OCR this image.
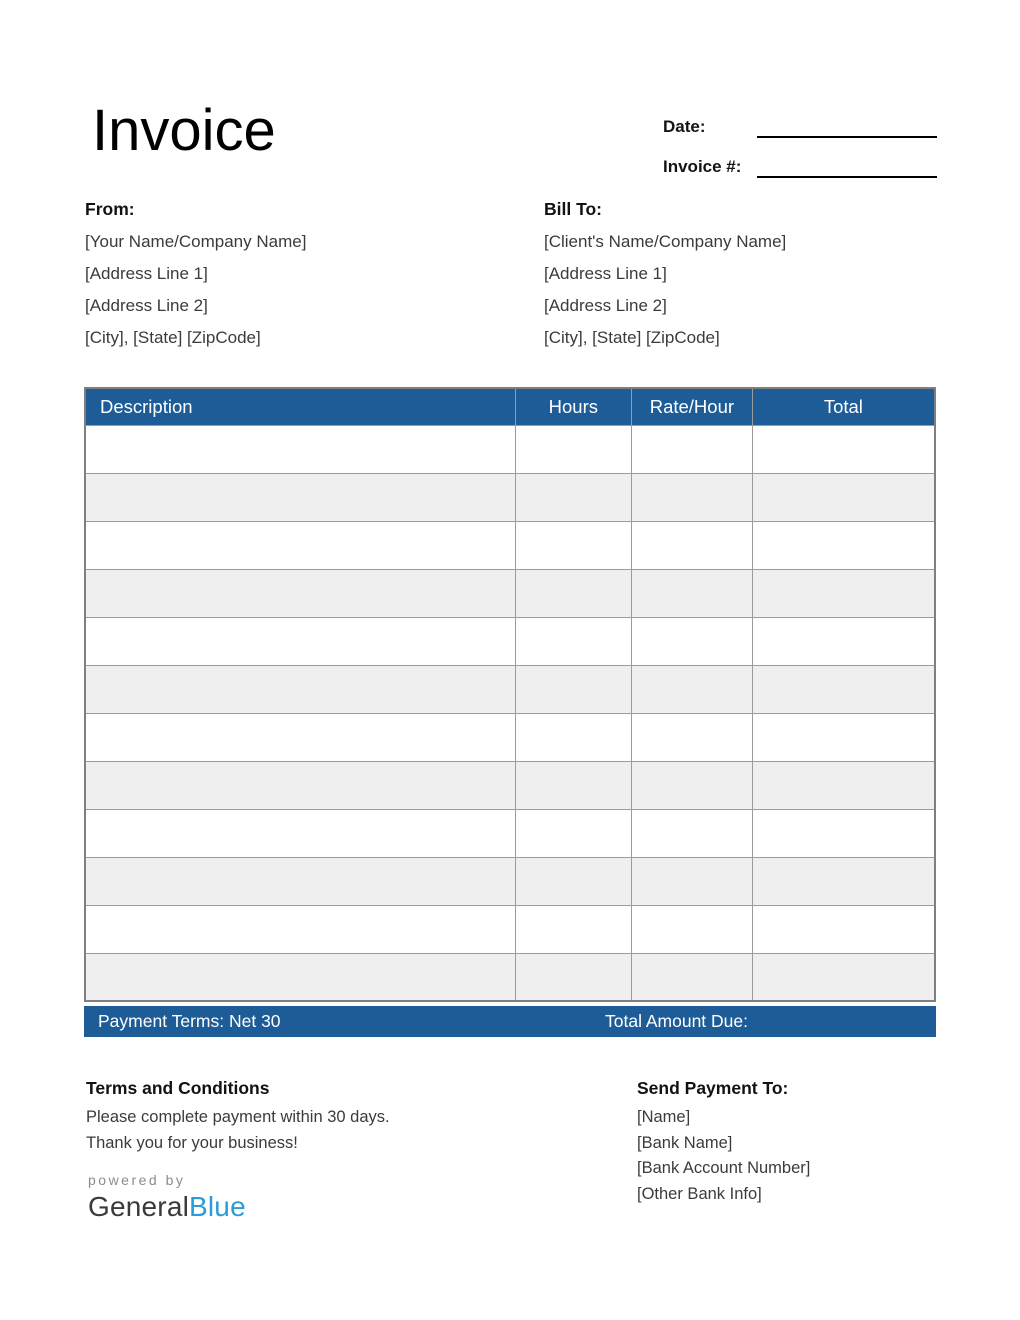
Invoice	Date:
Invoice #:
From:
[Your Name/Company Name]
[Address Line 1]
[Address Line 2]
[City], [State] [ZipCode]
Bill To:
[Client's Name/Company Name]
[Address Line 1]
[Address Line 2]
[City], [State] [ZipCode]
Description	Hours	Rate/Hour	Total

Payment Terms: Net 30	Total Amount Due:
Terms and Conditions
Please complete payment within 30 days.
Thank you for your business!
Send Payment To:
[Name]
[Bank Name]
[Bank Account Number]
[Other Bank Info]
powered by
GeneralBlue
